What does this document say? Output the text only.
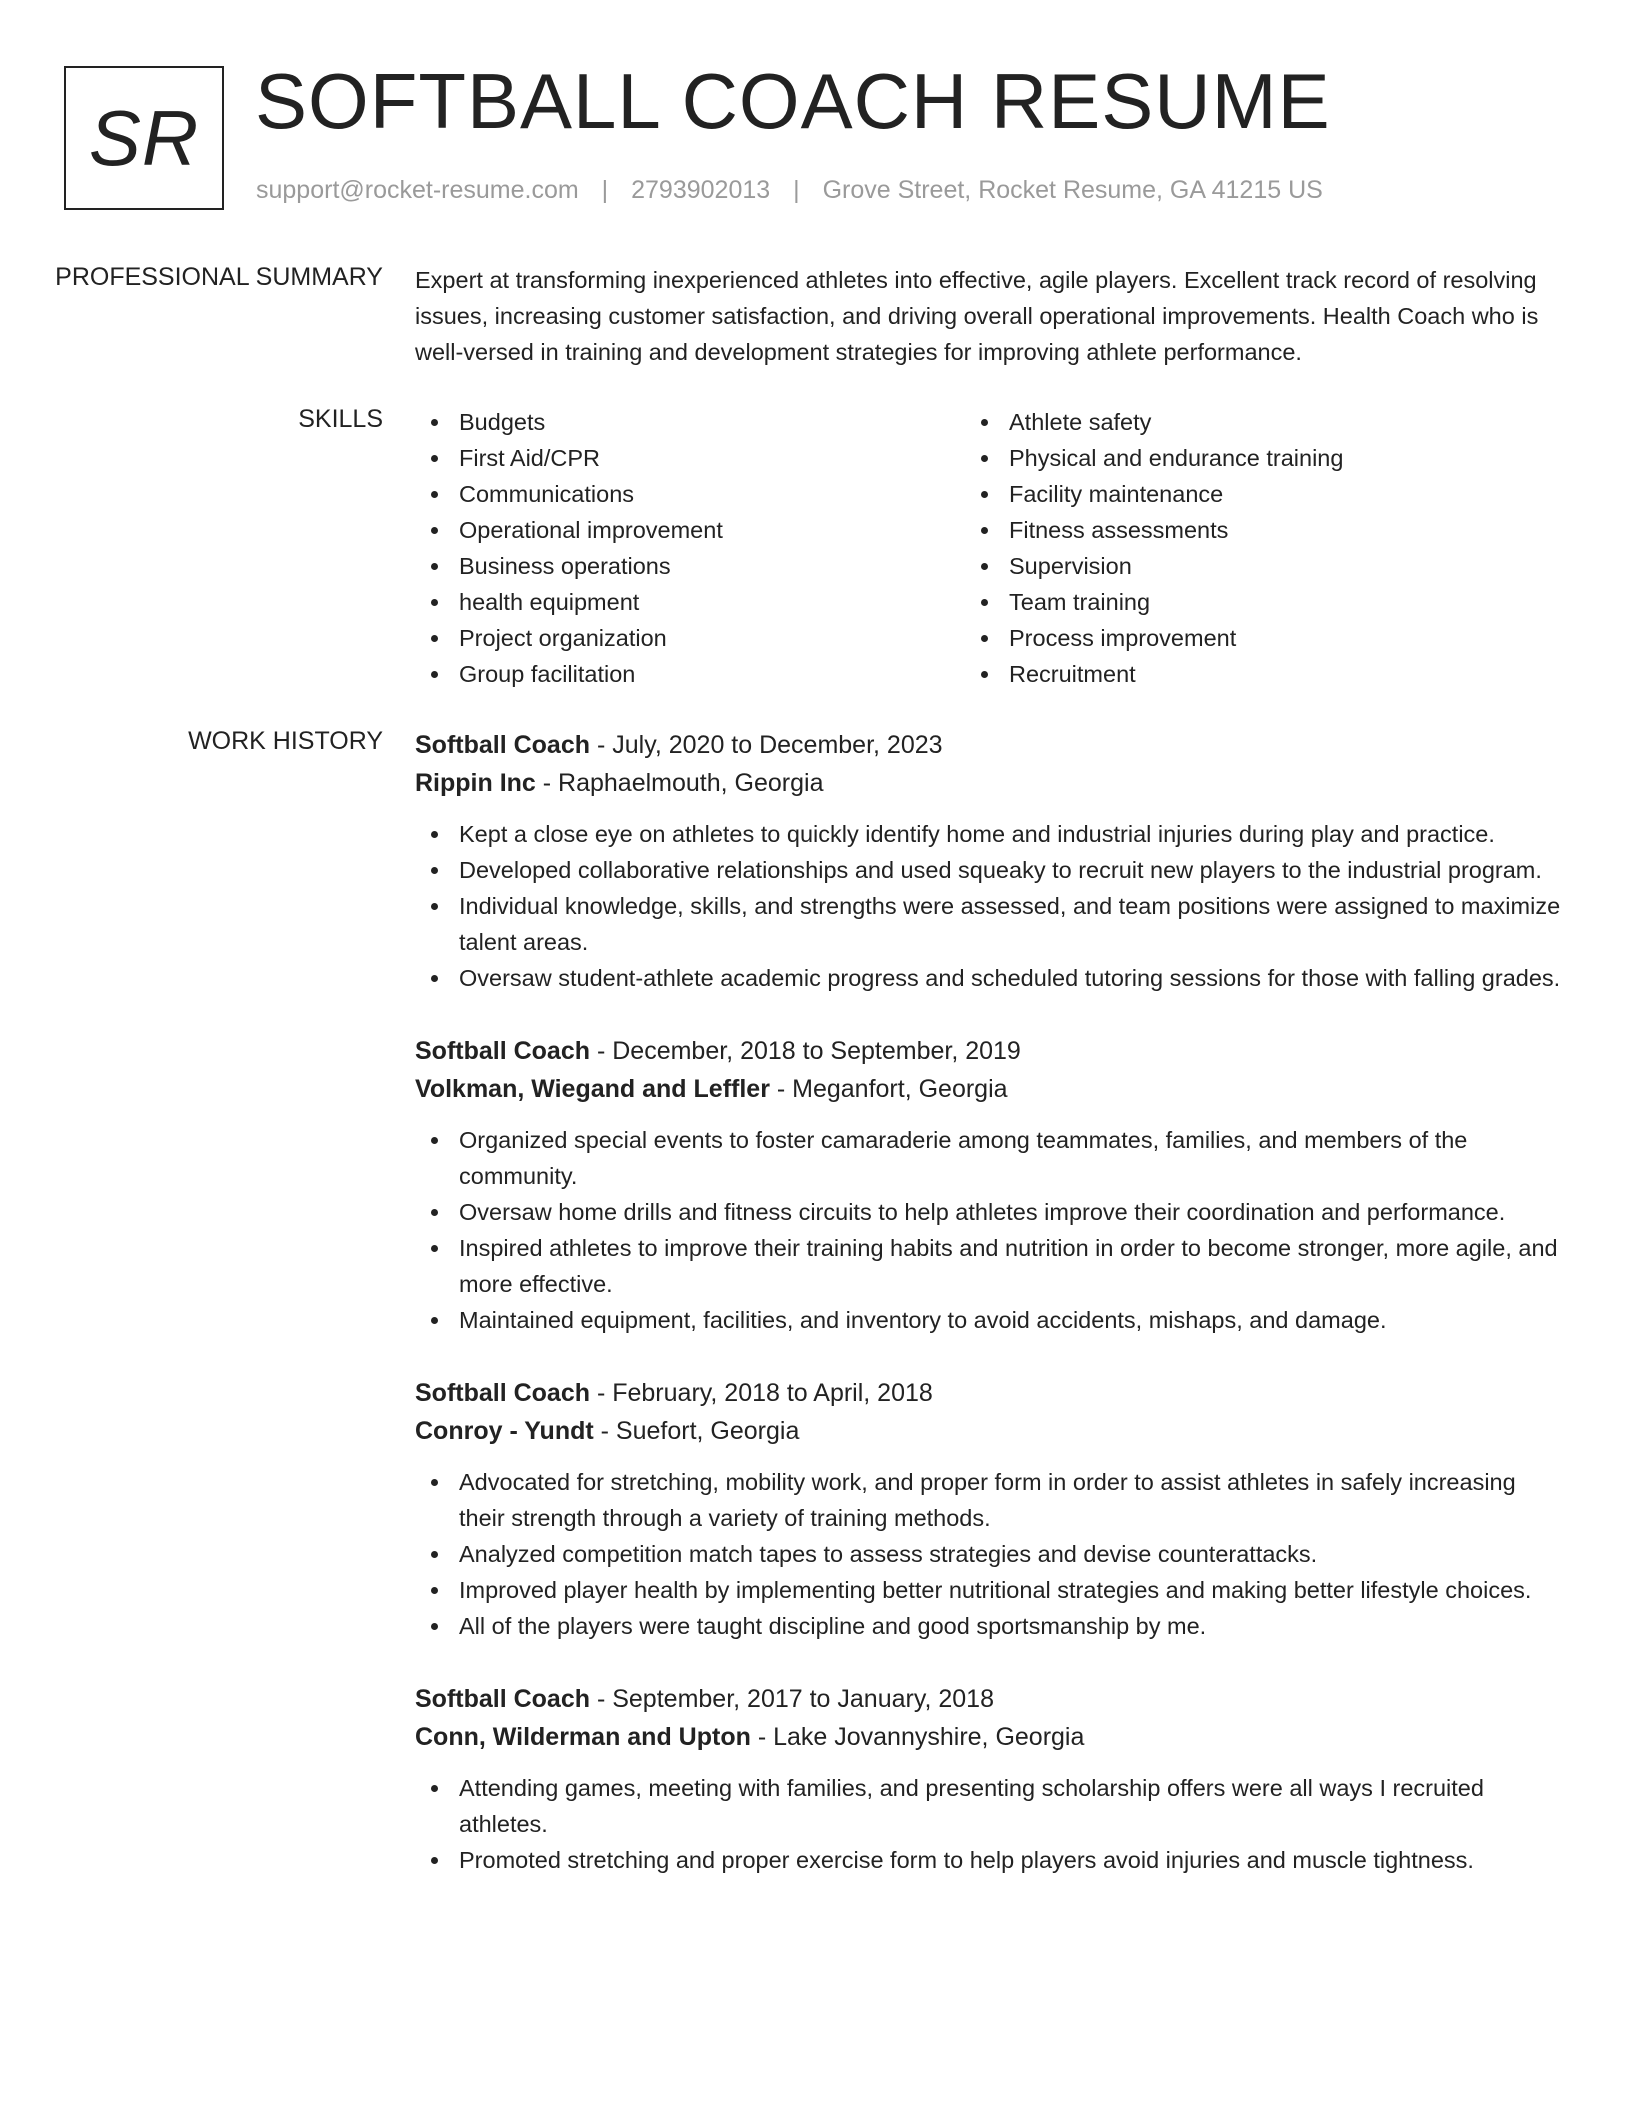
SR SOFTBALL COACH RESUME
support@rocket-resume.com | 2793902013 | Grove Street, Rocket Resume, GA 41215 US
PROFESSIONAL SUMMARY	Expert at transforming inexperienced athletes into effective, agile players. Excellent track record of resolving issues, increasing customer satisfaction, and driving overall operational improvements. Health Coach who is well-versed in training and development strategies for improving athlete performance.
SKILLS	Budgets
First Aid/CPR
Communications
Operational improvement
Business operations
health equipment
Project organization
Group facilitation
Athlete safety
Physical and endurance training
Facility maintenance
Fitness assessments
Supervision
Team training
Process improvement
Recruitment
WORK HISTORY	Softball Coach - July, 2020 to December, 2023
Rippin Inc - Raphaelmouth, Georgia
Kept a close eye on athletes to quickly identify home and industrial injuries during play and practice.
Developed collaborative relationships and used squeaky to recruit new players to the industrial program.
Individual knowledge, skills, and strengths were assessed, and team positions were assigned to maximize talent areas.
Oversaw student-athlete academic progress and scheduled tutoring sessions for those with falling grades.
Softball Coach - December, 2018 to September, 2019
Volkman, Wiegand and Leffler - Meganfort, Georgia
Organized special events to foster camaraderie among teammates, families, and members of the community.
Oversaw home drills and fitness circuits to help athletes improve their coordination and performance.
Inspired athletes to improve their training habits and nutrition in order to become stronger, more agile, and more effective.
Maintained equipment, facilities, and inventory to avoid accidents, mishaps, and damage.
Softball Coach - February, 2018 to April, 2018
Conroy - Yundt - Suefort, Georgia
Advocated for stretching, mobility work, and proper form in order to assist athletes in safely increasing their strength through a variety of training methods.
Analyzed competition match tapes to assess strategies and devise counterattacks.
Improved player health by implementing better nutritional strategies and making better lifestyle choices.
All of the players were taught discipline and good sportsmanship by me.
Softball Coach - September, 2017 to January, 2018
Conn, Wilderman and Upton - Lake Jovannyshire, Georgia
Attending games, meeting with families, and presenting scholarship offers were all ways I recruited athletes.
Promoted stretching and proper exercise form to help players avoid injuries and muscle tightness.
